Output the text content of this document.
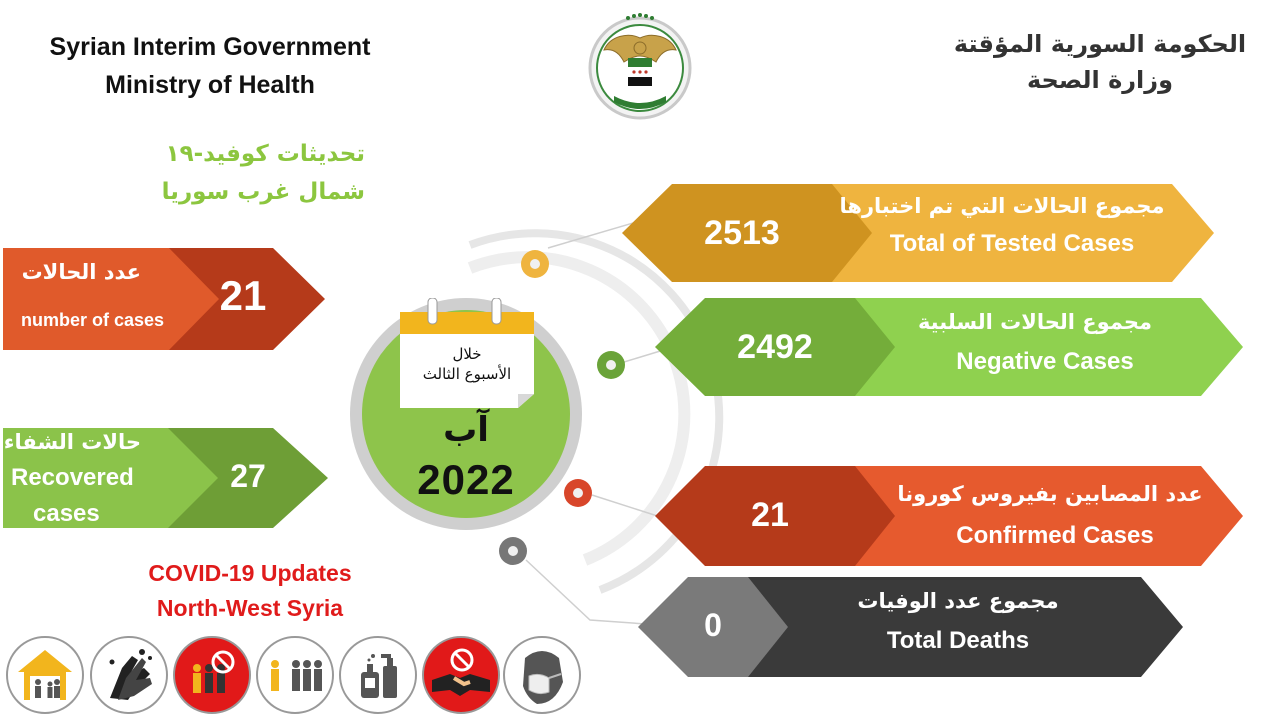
Syrian Interim Government
Ministry of Health
الحكومة السورية المؤقتة
وزارة الصحة
تحديثات كوفيد-١٩
شمال غرب سوريا
COVID-19 Updates
North-West Syria
خلال
الأسبوع الثالث
آب
2022
عدد الحالات
number of cases
21
حالات الشفاء
Recovered
cases
27
مجموع الحالات التي تم اختبارها
Total of Tested Cases
2513
مجموع الحالات السلبية
Negative Cases
2492
عدد المصابين بفيروس كورونا
Confirmed Cases
21
مجموع عدد الوفيات
Total Deaths
0
